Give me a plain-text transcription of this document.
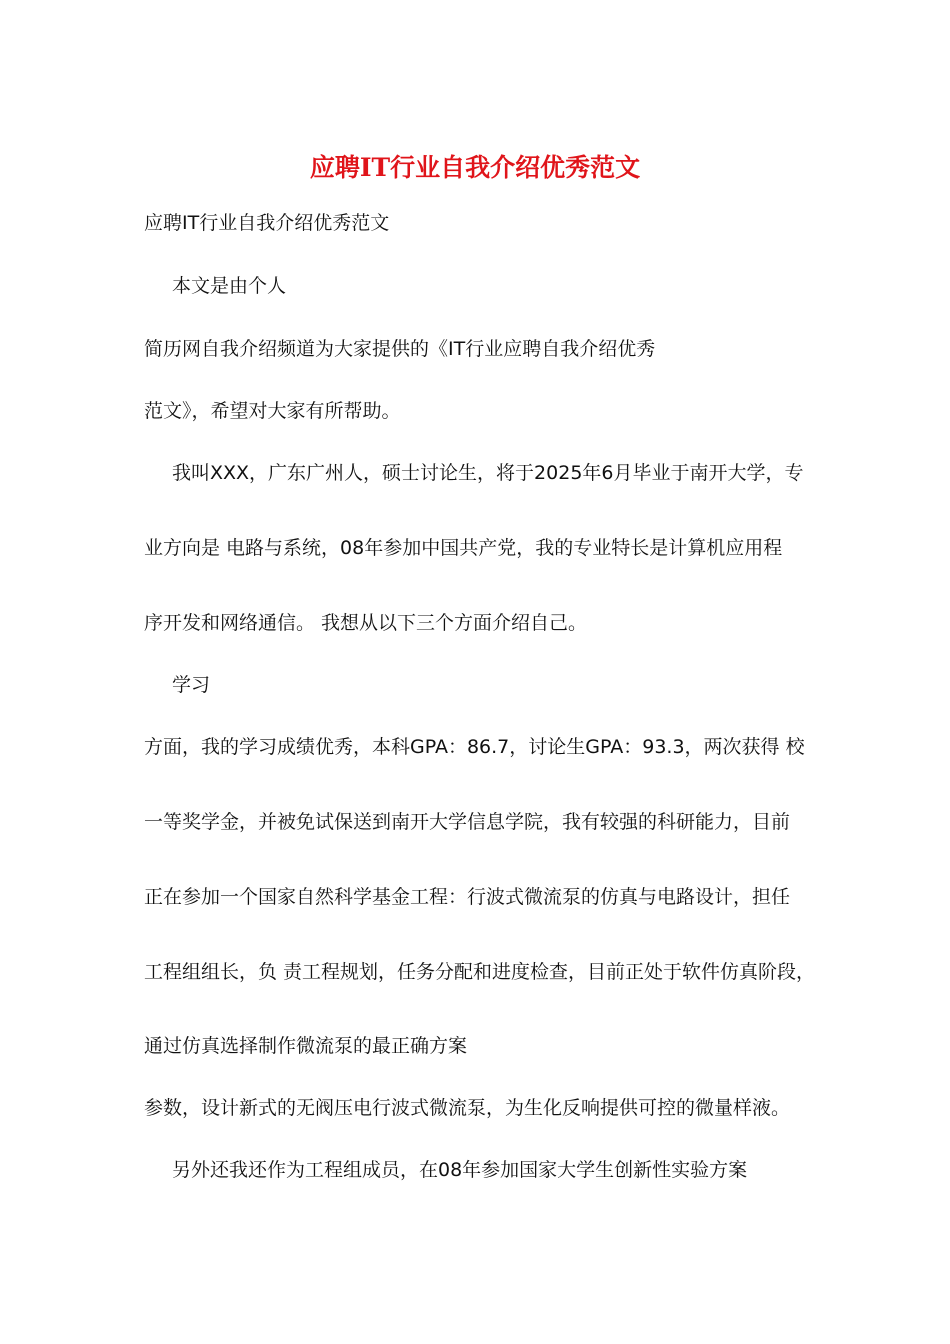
应聘IT行业自我介绍优秀范文
应聘IT行业自我介绍优秀范文
本文是由个人
简历网自我介绍频道为大家提供的《IT行业应聘自我介绍优秀
范文》，希望对大家有所帮助。
我叫XXX，广东广州人，硕士讨论生，将于2025年6月毕业于南开大学，专
业方向是 电路与系统，08年参加中国共产党，我的专业特长是计算机应用程
序开发和网络通信。 我想从以下三个方面介绍自己。
学习
方面，我的学习成绩优秀，本科GPA：86.7，讨论生GPA：93.3，两次获得 校
一等奖学金，并被免试保送到南开大学信息学院，我有较强的科研能力，目前
正在参加一个国家自然科学基金工程：行波式微流泵的仿真与电路设计，担任
工程组组长，负 责工程规划，任务分配和进度检查，目前正处于软件仿真阶段，
通过仿真选择制作微流泵的最正确方案
参数，设计新式的无阀压电行波式微流泵，为生化反响提供可控的微量样液。
另外还我还作为工程组成员，在08年参加国家大学生创新性实验方案
